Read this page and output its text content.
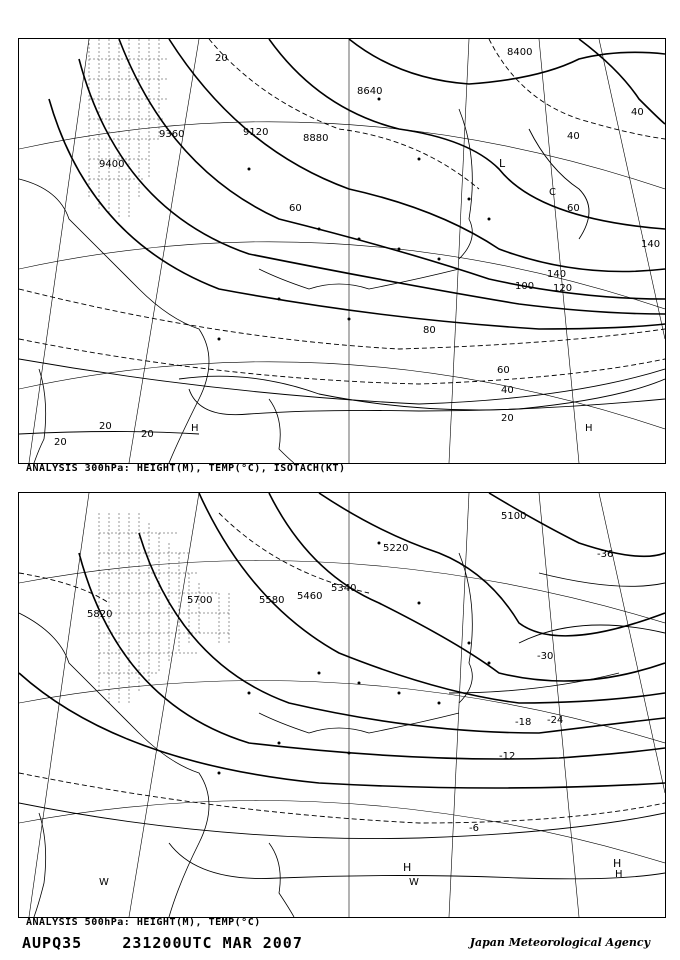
8400
8640
8880
9120
9360
9400
20
20
20
20
40
60
80
100 120
140
140
60	60
40
40
20
L
C
H	H
ANALYSIS 300hPa: HEIGHT(M), TEMP(°C), ISOTACH(KT)
5100
5220
5340
5460
5580
5700
5820
-36
-30
-24
-18
-12
-6
H	H
W	W
H
ANALYSIS 500hPa: HEIGHT(M), TEMP(°C)
AUPQ35	231200UTC MAR 2007	Japan Meteorological Agency
